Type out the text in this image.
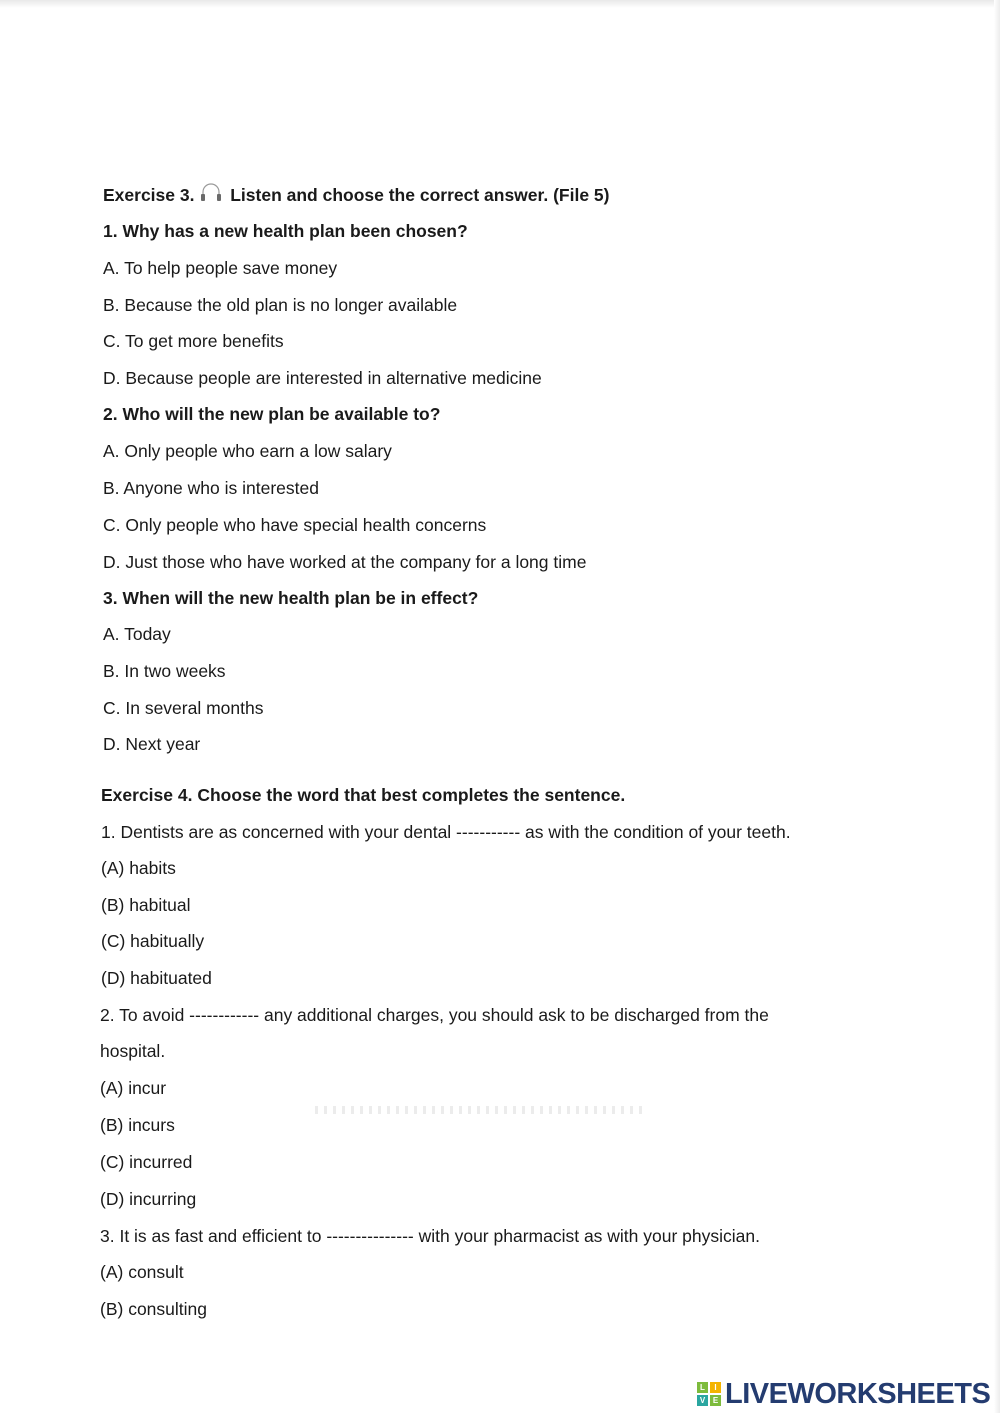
Exercise 3. Listen and choose the correct answer. (File 5)
1. Why has a new health plan been chosen?
A. To help people save money
B. Because the old plan is no longer available
C. To get more benefits
D. Because people are interested in alternative medicine
2. Who will the new plan be available to?
A. Only people who earn a low salary
B. Anyone who is interested
C. Only people who have special health concerns
D. Just those who have worked at the company for a long time
3. When will the new health plan be in effect?
A. Today
B. In two weeks
C. In several months
D. Next year
Exercise 4. Choose the word that best completes the sentence.
1. Dentists are as concerned with your dental ----------- as with the condition of your teeth.
(A) habits
(B) habitual
(C) habitually
(D) habituated
2. To avoid ------------ any additional charges, you should ask to be discharged from the
hospital.
(A) incur
(B) incurs
(C) incurred
(D) incurring
3. It is as fast and efficient to --------------- with your pharmacist as with your physician.
(A) consult
(B) consulting
L	I
V E LIVEWORKSHEETS
